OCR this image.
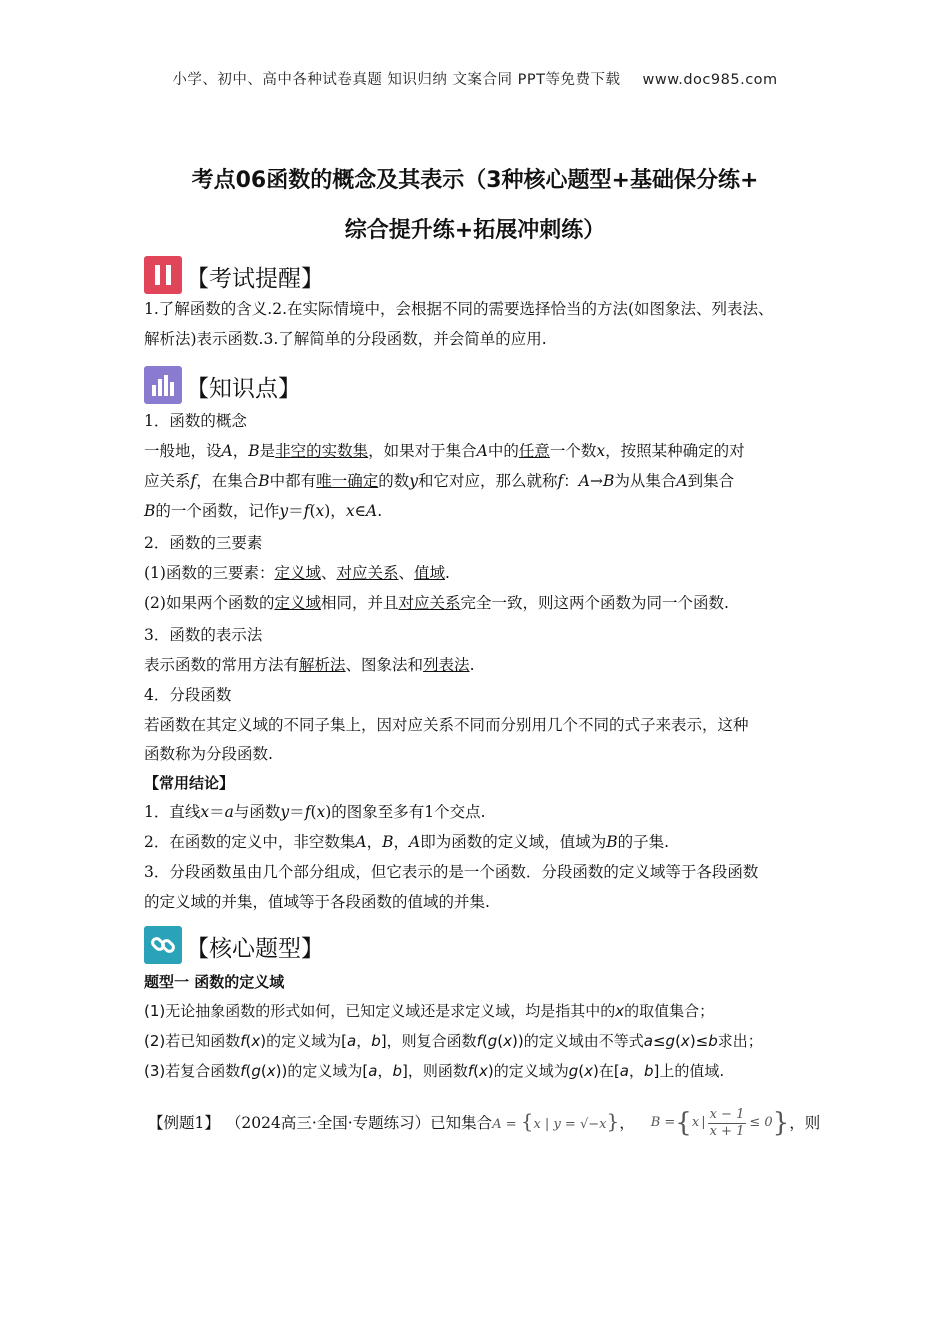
小学、初中、高中各种试卷真题 知识归纳 文案合同 PPT等免费下载 www.doc985.com
考点06函数的概念及其表示（3种核心题型+基础保分练+
综合提升练+拓展冲刺练）
【考试提醒】
1.了解函数的含义.2.在实际情境中，会根据不同的需要选择恰当的方法(如图象法、列表法、
解析法)表示函数.3.了解简单的分段函数，并会简单的应用.
【知识点】
1．函数的概念
一般地，设A，B是非空的实数集，如果对于集合A中的任意一个数x，按照某种确定的对
应关系f，在集合B中都有唯一确定的数y和它对应，那么就称f：A→B为从集合A到集合
B的一个函数，记作y＝f(x)，x∈A.
2．函数的三要素
(1)函数的三要素：定义域、对应关系、值域.
(2)如果两个函数的定义域相同，并且对应关系完全一致，则这两个函数为同一个函数.
3．函数的表示法
表示函数的常用方法有解析法、图象法和列表法.
4．分段函数
若函数在其定义域的不同子集上，因对应关系不同而分别用几个不同的式子来表示，这种
函数称为分段函数.
【常用结论】
1．直线x＝a与函数y＝f(x)的图象至多有1个交点.
2．在函数的定义中，非空数集A，B，A即为函数的定义域，值域为B的子集.
3．分段函数虽由几个部分组成，但它表示的是一个函数．分段函数的定义域等于各段函数
的定义域的并集，值域等于各段函数的值域的并集.
【核心题型】
题型一 函数的定义域
(1)无论抽象函数的形式如何，已知定义域还是求定义域，均是指其中的x的取值集合；
(2)若已知函数f(x)的定义域为[a，b]，则复合函数f(g(x))的定义域由不等式a≤g(x)≤b求出；
(3)若复合函数f(g(x))的定义域为[a，b]，则函数f(x)的定义域为g(x)在[a，b]上的值域.
【例题1】 （2024高三·全国·专题练习）已知集合 A = {x | y = √−x} ， B = { x | $\frac{x - 1}{x + 1} \le 0$ } ，则
